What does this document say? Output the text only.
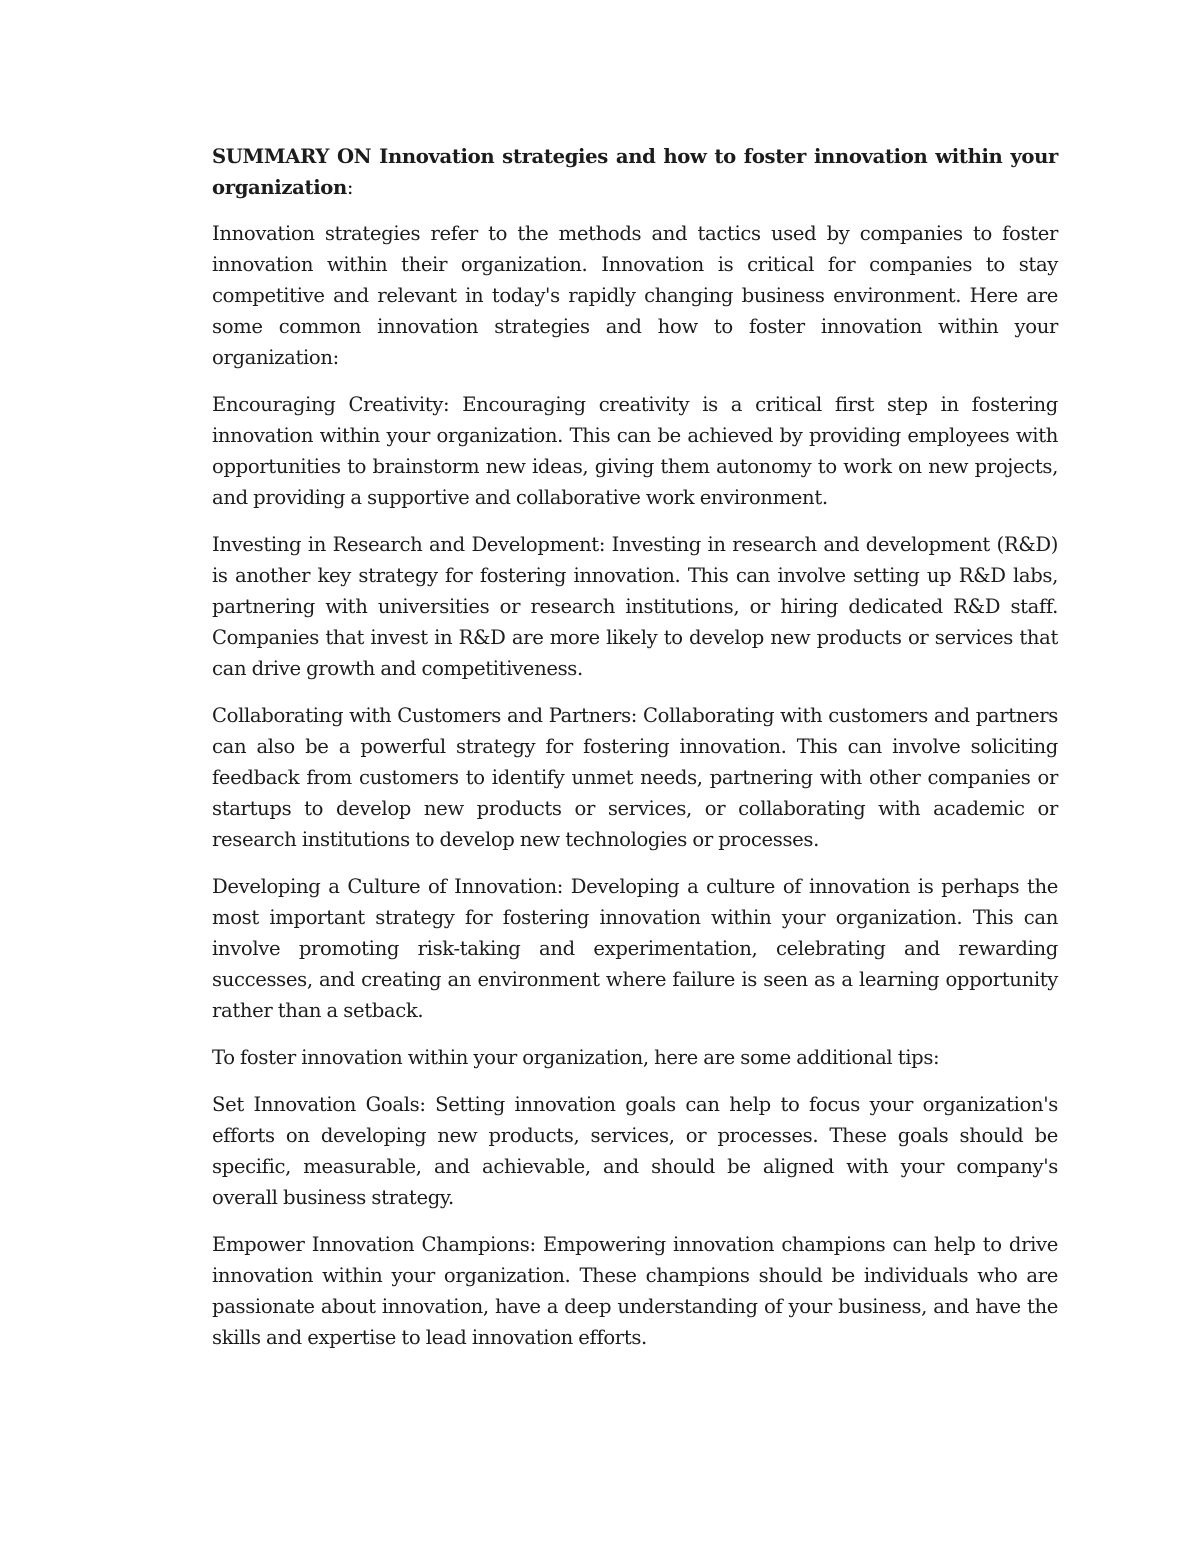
SUMMARY ON Innovation strategies and how to foster innovation within your organization:

Innovation strategies refer to the methods and tactics used by companies to foster innovation within their organization. Innovation is critical for companies to stay competitive and relevant in today's rapidly changing business environment. Here are some common innovation strategies and how to foster innovation within your organization:

Encouraging Creativity: Encouraging creativity is a critical first step in fostering innovation within your organization. This can be achieved by providing employees with opportunities to brainstorm new ideas, giving them autonomy to work on new projects, and providing a supportive and collaborative work environment.

Investing in Research and Development: Investing in research and development (R&D) is another key strategy for fostering innovation. This can involve setting up R&D labs, partnering with universities or research institutions, or hiring dedicated R&D staff. Companies that invest in R&D are more likely to develop new products or services that can drive growth and competitiveness.

Collaborating with Customers and Partners: Collaborating with customers and partners can also be a powerful strategy for fostering innovation. This can involve soliciting feedback from customers to identify unmet needs, partnering with other companies or startups to develop new products or services, or collaborating with academic or research institutions to develop new technologies or processes.

Developing a Culture of Innovation: Developing a culture of innovation is perhaps the most important strategy for fostering innovation within your organization. This can involve promoting risk-taking and experimentation, celebrating and rewarding successes, and creating an environment where failure is seen as a learning opportunity rather than a setback.

To foster innovation within your organization, here are some additional tips:

Set Innovation Goals: Setting innovation goals can help to focus your organization's efforts on developing new products, services, or processes. These goals should be specific, measurable, and achievable, and should be aligned with your company's overall business strategy.

Empower Innovation Champions: Empowering innovation champions can help to drive innovation within your organization. These champions should be individuals who are passionate about innovation, have a deep understanding of your business, and have the skills and expertise to lead innovation efforts.
